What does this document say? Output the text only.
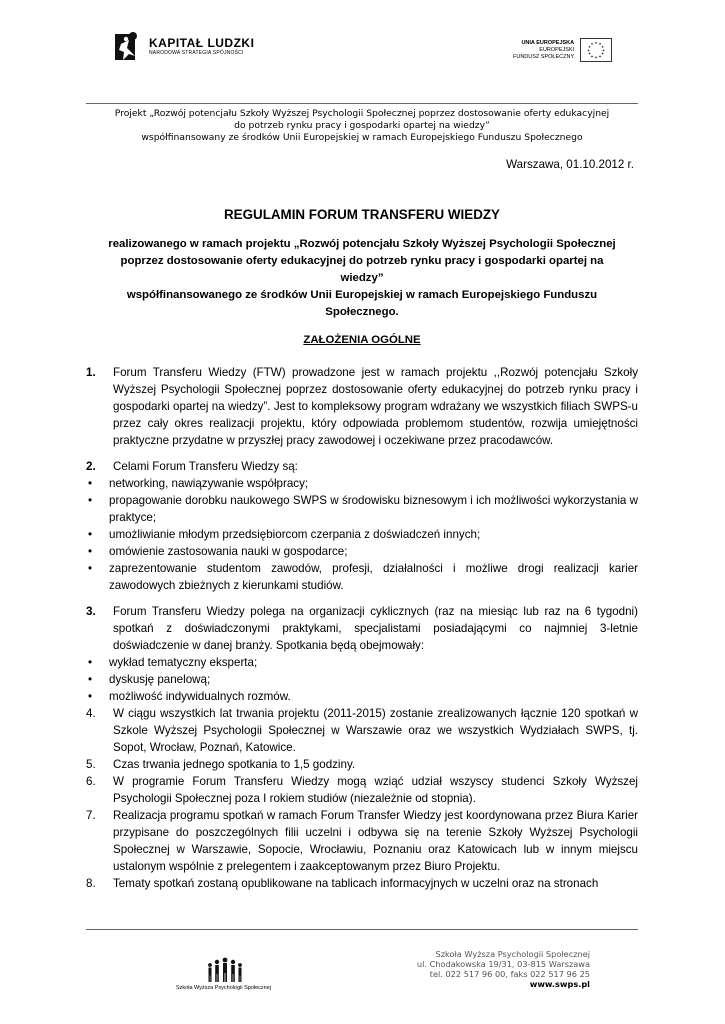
KAPITAŁ LUDZKI
NARODOWA STRATEGIA SPÓJNOŚCI
UNIA EUROPEJSKA
EUROPEJSKI
FUNDUSZ SPOŁECZNY
★ ★
★
★
★
★
★
★
★
★
★
★
Projekt „Rozwój potencjału Szkoły Wyższej Psychologii Społecznej poprzez dostosowanie oferty edukacyjnej
do potrzeb rynku pracy i gospodarki opartej na wiedzy”
współfinansowany ze środków Unii Europejskiej w ramach Europejskiego Funduszu Społecznego
Warszawa, 01.10.2012 r.
REGULAMIN FORUM TRANSFERU WIEDZY
realizowanego w ramach projektu „Rozwój potencjału Szkoły Wyższej Psychologii Społecznej
poprzez dostosowanie oferty edukacyjnej do potrzeb rynku pracy i gospodarki opartej na wiedzy”
współfinansowanego ze środków Unii Europejskiej w ramach Europejskiego Funduszu
Społecznego.
ZAŁOŻENIA OGÓLNE
1. Forum Transferu Wiedzy (FTW) prowadzone jest w ramach projektu ,,Rozwój potencjału Szkoły Wyższej Psychologii Społecznej poprzez dostosowanie oferty edukacyjnej do potrzeb rynku pracy i gospodarki opartej na wiedzy”. Jest to kompleksowy program wdrażany we wszystkich filiach SWPS-u przez cały okres realizacji projektu, który odpowiada problemom studentów, rozwija umiejętności praktyczne przydatne w przyszłej pracy zawodowej i oczekiwane przez pracodawców.
2. Celami Forum Transferu Wiedzy są:
• networking, nawiązywanie współpracy;
• propagowanie dorobku naukowego SWPS w środowisku biznesowym i ich możliwości wykorzystania w praktyce;
• umożliwianie młodym przedsiębiorcom czerpania z doświadczeń innych;
• omówienie zastosowania nauki w gospodarce;
• zaprezentowanie studentom zawodów, profesji, działalności i możliwe drogi realizacji karier zawodowych zbieżnych z kierunkami studiów.
3. Forum Transferu Wiedzy polega na organizacji cyklicznych (raz na miesiąc lub raz na 6 tygodni) spotkań z doświadczonymi praktykami, specjalistami posiadającymi co najmniej 3-letnie doświadczenie w danej branży. Spotkania będą obejmowały:
• wykład tematyczny eksperta;
• dyskusję panelową;
• możliwość indywidualnych rozmów.
4. W ciągu wszystkich lat trwania projektu (2011-2015) zostanie zrealizowanych łącznie 120 spotkań w Szkole Wyższej Psychologii Społecznej w Warszawie oraz we wszystkich Wydziałach SWPS, tj. Sopot, Wrocław, Poznań, Katowice.
5. Czas trwania jednego spotkania to 1,5 godziny.
6. W programie Forum Transferu Wiedzy mogą wziąć udział wszyscy studenci Szkoły Wyższej Psychologii Społecznej poza I rokiem studiów (niezależnie od stopnia).
7. Realizacja programu spotkań w ramach Forum Transfer Wiedzy jest koordynowana przez Biura Karier przypisane do poszczególnych filii uczelni i odbywa się na terenie Szkoły Wyższej Psychologii Społecznej w Warszawie, Sopocie, Wrocławiu, Poznaniu oraz Katowicach lub w innym miejscu ustalonym wspólnie z prelegentem i zaakceptowanym przez Biuro Projektu.
8. Tematy spotkań zostaną opublikowane na tablicach informacyjnych w uczelni oraz na stronach
Szkoła Wyższa Psychologii Społecznej
Szkoła Wyższa Psychologii Społecznej
ul. Chodakowska 19/31, 03-815 Warszawa
tel. 022 517 96 00, faks 022 517 96 25
www.swps.pl
